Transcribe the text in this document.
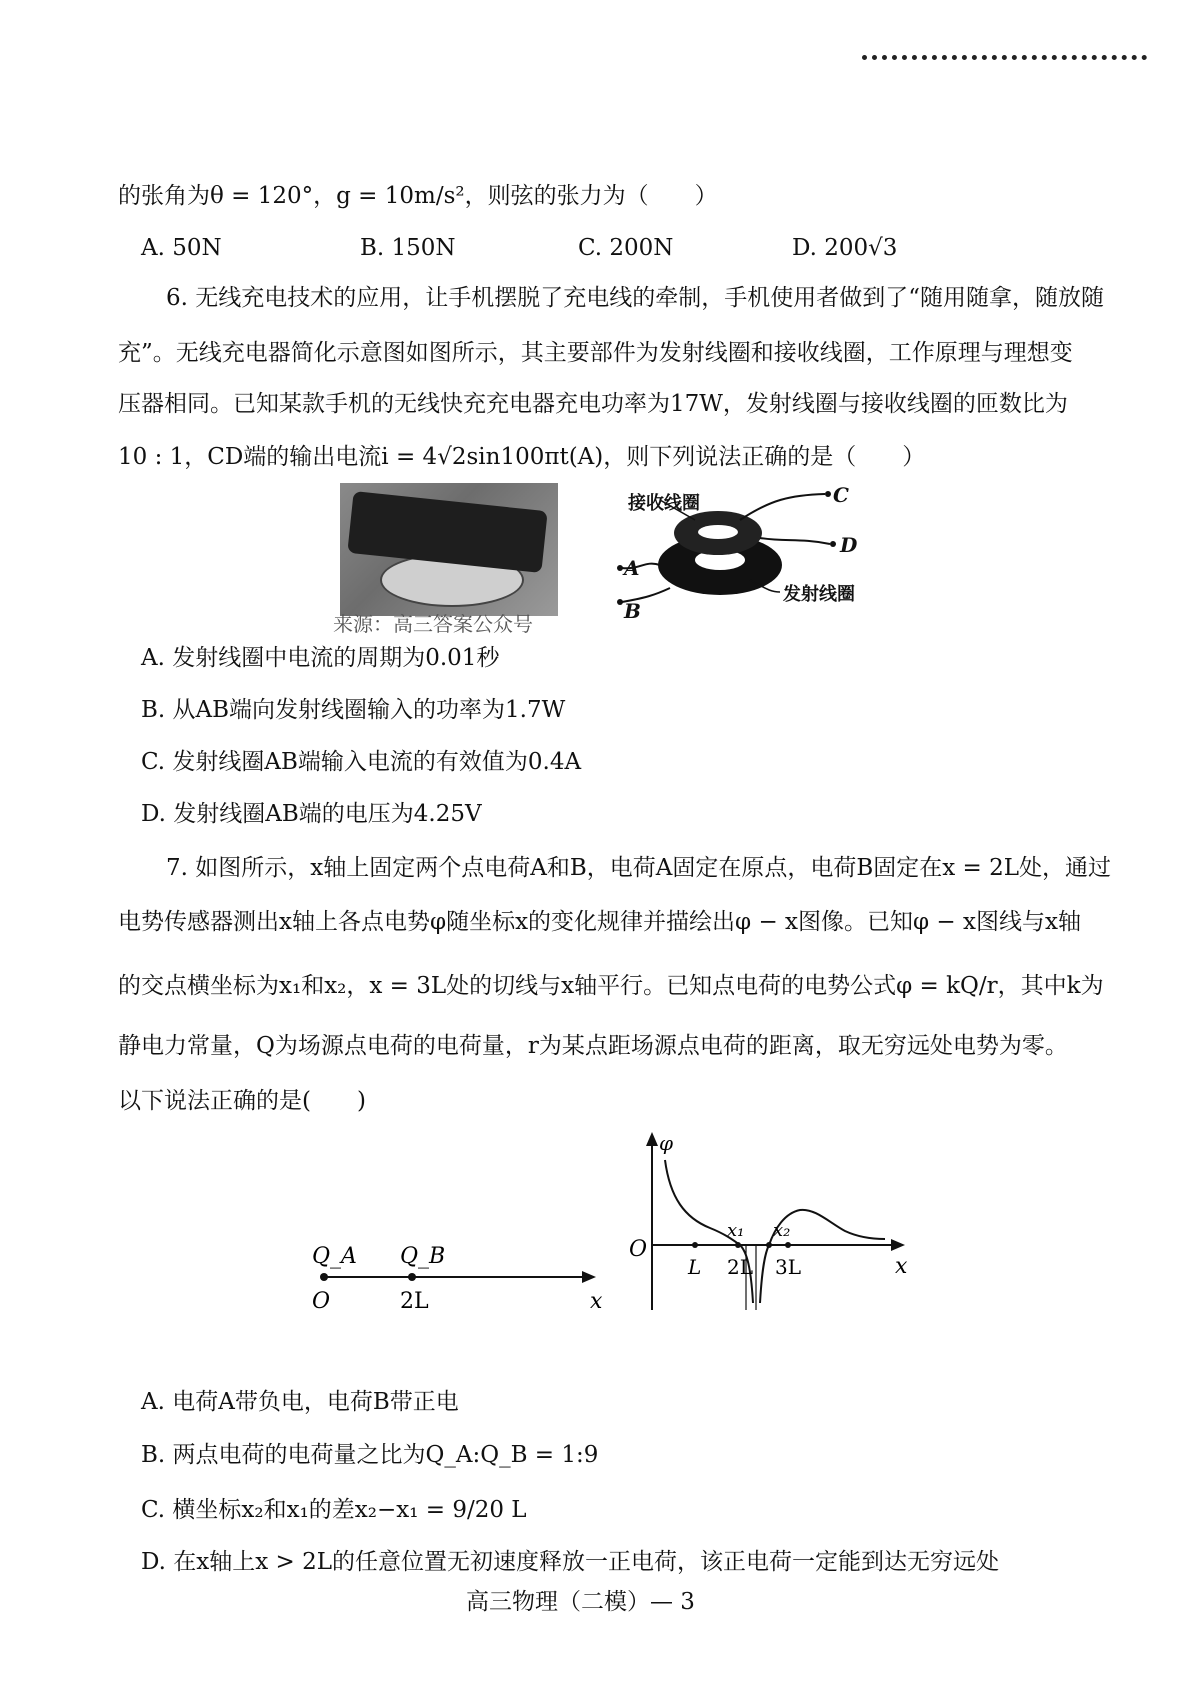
的张角为θ = 120°，g = 10m/s²，则弦的张力为（　　）
A. 50N	B. 150N	C. 200N	D. 200√3
6. 无线充电技术的应用，让手机摆脱了充电线的牵制，手机使用者做到了“随用随拿，随放随
充”。无线充电器简化示意图如图所示，其主要部件为发射线圈和接收线圈，工作原理与理想变
压器相同。已知某款手机的无线快充充电器充电功率为17W，发射线圈与接收线圈的匝数比为
10 : 1，CD端的输出电流i = 4√2sin100πt(A)，则下列说法正确的是（　　）
来源：高三答案公众号
接收线圈
发射线圈
C
D
A
B
A. 发射线圈中电流的周期为0.01秒
B. 从AB端向发射线圈输入的功率为1.7W
C. 发射线圈AB端输入电流的有效值为0.4A
D. 发射线圈AB端的电压为4.25V
7. 如图所示，x轴上固定两个点电荷A和B，电荷A固定在原点，电荷B固定在x = 2L处，通过
电势传感器测出x轴上各点电势φ随坐标x的变化规律并描绘出φ − x图像。已知φ − x图线与x轴
的交点横坐标为x₁和x₂，x = 3L处的切线与x轴平行。已知点电荷的电势公式φ = kQ/r，其中k为
静电力常量，Q为场源点电荷的电荷量，r为某点距场源点电荷的距离，取无穷远处电势为零。
以下说法正确的是(　　)
Q_A Q_B
O	2L	x
φ
O
x
L 2L 3L
x₁ x₂
A. 电荷A带负电，电荷B带正电
B. 两点电荷的电荷量之比为Q_A:Q_B = 1:9
C. 横坐标x₂和x₁的差x₂−x₁ = 9/20 L
D. 在x轴上x > 2L的任意位置无初速度释放一正电荷，该正电荷一定能到达无穷远处
高三物理（二模）— 3
